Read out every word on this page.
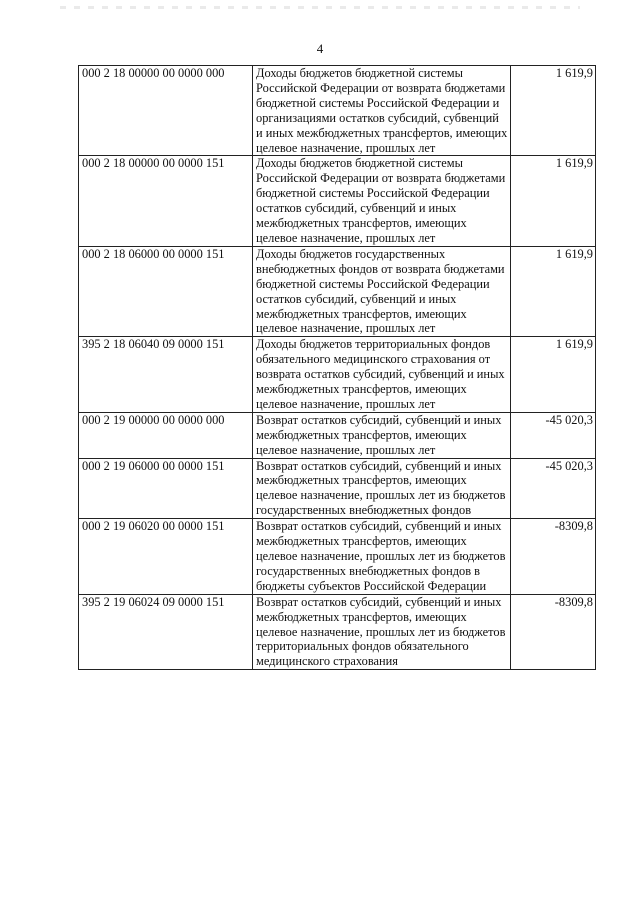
4
000 2 18 00000 00 0000 000	Доходы бюджетов бюджетной системы Российской Федерации от возврата бюджетами бюджетной системы Российской Федерации и организациями остатков субсидий, субвенций и иных межбюджетных трансфертов, имеющих целевое назначение, прошлых лет	1 619,9
000 2 18 00000 00 0000 151	Доходы бюджетов бюджетной системы Российской Федерации от возврата бюджетами бюджетной системы Российской Федерации остатков субсидий, субвенций и иных межбюджетных трансфертов, имеющих целевое назначение, прошлых лет	1 619,9
000 2 18 06000 00 0000 151	Доходы бюджетов государственных внебюджетных фондов от возврата бюджетами бюджетной системы Российской Федерации остатков субсидий, субвенций и иных межбюджетных трансфертов, имеющих целевое назначение, прошлых лет	1 619,9
395 2 18 06040 09 0000 151	Доходы бюджетов территориальных фондов обязательного медицинского страхования от возврата остатков субсидий, субвенций и иных межбюджетных трансфертов, имеющих целевое назначение, прошлых лет	1 619,9
000 2 19 00000 00 0000 000	Возврат остатков субсидий, субвенций и иных межбюджетных трансфертов, имеющих целевое назначение, прошлых лет	-45 020,3
000 2 19 06000 00 0000 151	Возврат остатков субсидий, субвенций и иных межбюджетных трансфертов, имеющих целевое назначение, прошлых лет из бюджетов государственных внебюджетных фондов	-45 020,3
000 2 19 06020 00 0000 151	Возврат остатков субсидий, субвенций и иных межбюджетных трансфертов, имеющих целевое назначение, прошлых лет из бюджетов государственных внебюджетных фондов в бюджеты субъектов Российской Федерации	-8309,8
395 2 19 06024 09 0000 151	Возврат остатков субсидий, субвенций и иных межбюджетных трансфертов, имеющих целевое назначение, прошлых лет из бюджетов территориальных фондов обязательного медицинского страхования	-8309,8
